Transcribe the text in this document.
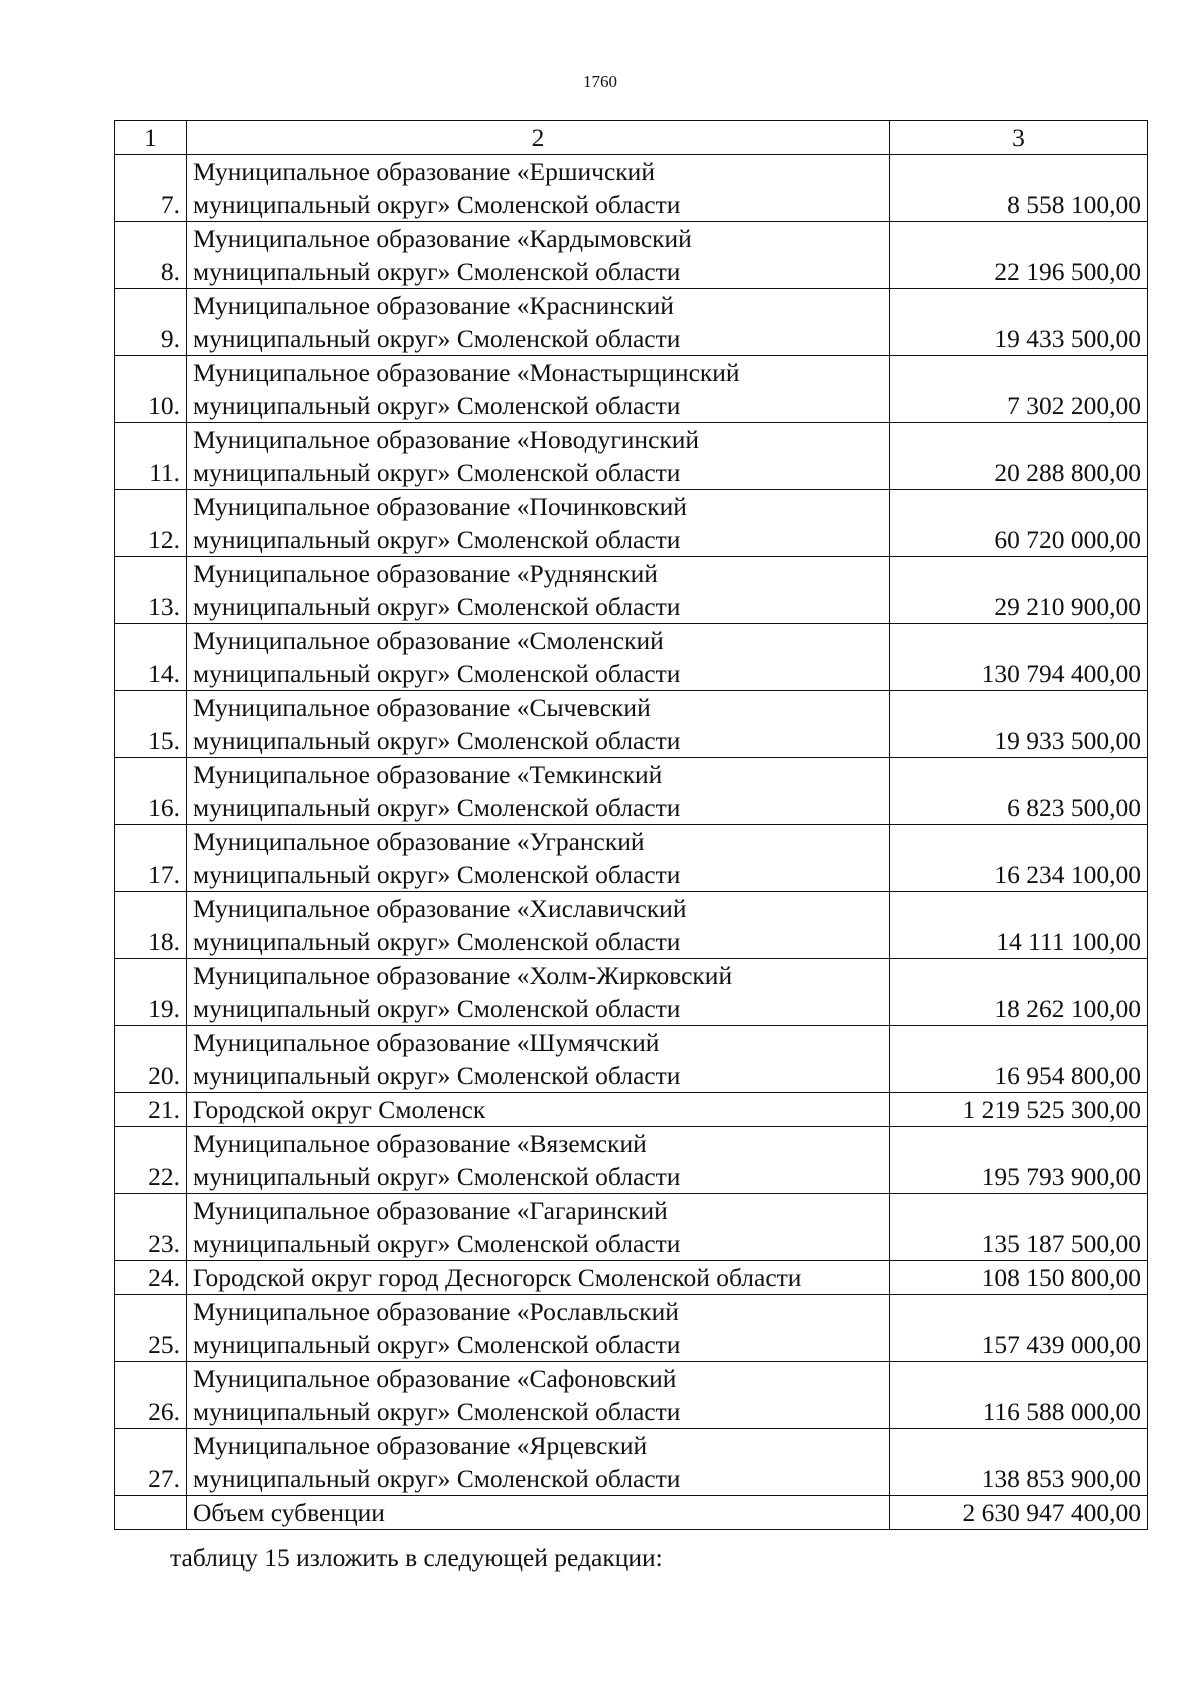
1760
1	2	3
7.	Муниципальное образование «Ершичский
муниципальный округ» Смоленской области	8 558 100,00
8.	Муниципальное образование «Кардымовский
муниципальный округ» Смоленской области	22 196 500,00
9.	Муниципальное образование «Краснинский
муниципальный округ» Смоленской области	19 433 500,00
10.	Муниципальное образование «Монастырщинский
муниципальный округ» Смоленской области	7 302 200,00
11.	Муниципальное образование «Новодугинский
муниципальный округ» Смоленской области	20 288 800,00
12.	Муниципальное образование «Починковский
муниципальный округ» Смоленской области	60 720 000,00
13.	Муниципальное образование «Руднянский
муниципальный округ» Смоленской области	29 210 900,00
14.	Муниципальное образование «Смоленский
муниципальный округ» Смоленской области	130 794 400,00
15.	Муниципальное образование «Сычевский
муниципальный округ» Смоленской области	19 933 500,00
16.	Муниципальное образование «Темкинский
муниципальный округ» Смоленской области	6 823 500,00
17.	Муниципальное образование «Угранский
муниципальный округ» Смоленской области	16 234 100,00
18.	Муниципальное образование «Хиславичский
муниципальный округ» Смоленской области	14 111 100,00
19.	Муниципальное образование «Холм-Жирковский
муниципальный округ» Смоленской области	18 262 100,00
20.	Муниципальное образование «Шумячский
муниципальный округ» Смоленской области	16 954 800,00
21.	Городской округ Смоленск	1 219 525 300,00
22.	Муниципальное образование «Вяземский
муниципальный округ» Смоленской области	195 793 900,00
23.	Муниципальное образование «Гагаринский
муниципальный округ» Смоленской области	135 187 500,00
24.	Городской округ город Десногорск Смоленской области	108 150 800,00
25.	Муниципальное образование «Рославльский
муниципальный округ» Смоленской области	157 439 000,00
26.	Муниципальное образование «Сафоновский
муниципальный округ» Смоленской области	116 588 000,00
27.	Муниципальное образование «Ярцевский
муниципальный округ» Смоленской области	138 853 900,00
	Объем субвенции	2 630 947 400,00
таблицу 15 изложить в следующей редакции:
